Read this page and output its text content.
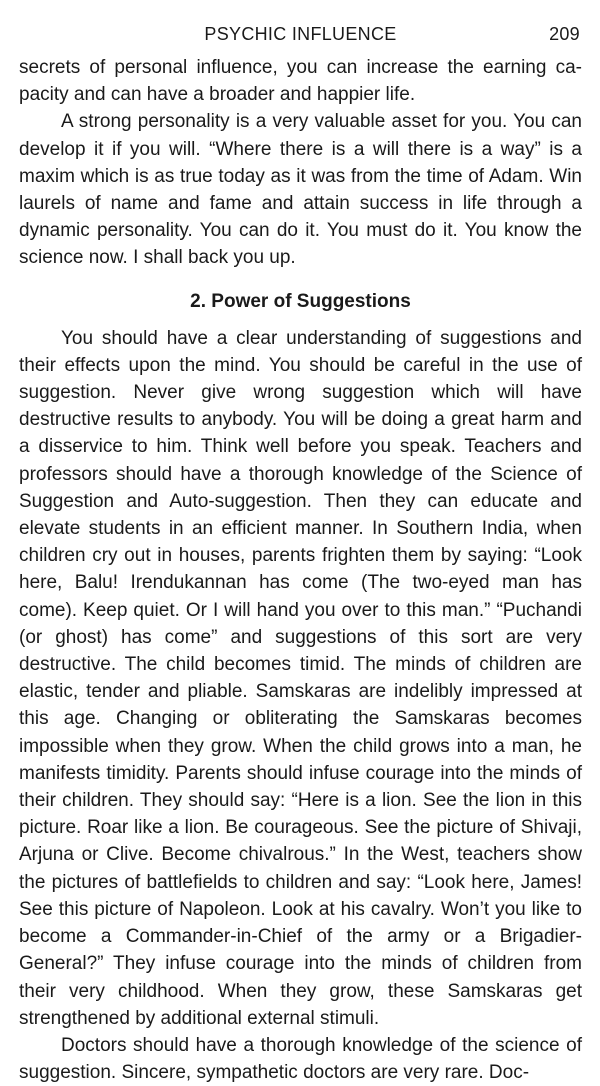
PSYCHIC INFLUENCE	209

secrets of personal influence, you can increase the earning capacity and can have a broader and happier life.

A strong personality is a very valuable asset for you. You can develop it if you will. “Where there is a will there is a way” is a maxim which is as true today as it was from the time of Adam. Win laurels of name and fame and attain success in life through a dynamic personality. You can do it. You must do it. You know the science now. I shall back you up.

2. Power of Suggestions

You should have a clear understanding of suggestions and their effects upon the mind. You should be careful in the use of suggestion. Never give wrong suggestion which will have destructive results to anybody. You will be doing a great harm and a disservice to him. Think well before you speak. Teachers and professors should have a thorough knowledge of the Science of Suggestion and Auto-suggestion. Then they can educate and elevate students in an efficient manner. In Southern India, when children cry out in houses, parents frighten them by saying: “Look here, Balu! Irendukannan has come (The two-eyed man has come). Keep quiet. Or I will hand you over to this man.” “Puchandi (or ghost) has come” and suggestions of this sort are very destructive. The child becomes timid. The minds of children are elastic, tender and pliable. Samskaras are indelibly impressed at this age. Changing or obliterating the Samskaras becomes impossible when they grow. When the child grows into a man, he manifests timidity. Parents should infuse courage into the minds of their children. They should say: “Here is a lion. See the lion in this picture. Roar like a lion. Be courageous. See the picture of Shivaji, Arjuna or Clive. Become chivalrous.” In the West, teachers show the pictures of battlefields to children and say: “Look here, James! See this picture of Napoleon. Look at his cavalry. Won’t you like to become a Commander-in-Chief of the army or a Brigadier-General?” They infuse courage into the minds of children from their very childhood. When they grow, these Samskaras get strengthened by additional external stimuli.

Doctors should have a thorough knowledge of the science of suggestion. Sincere, sympathetic doctors are very rare. Doc-
